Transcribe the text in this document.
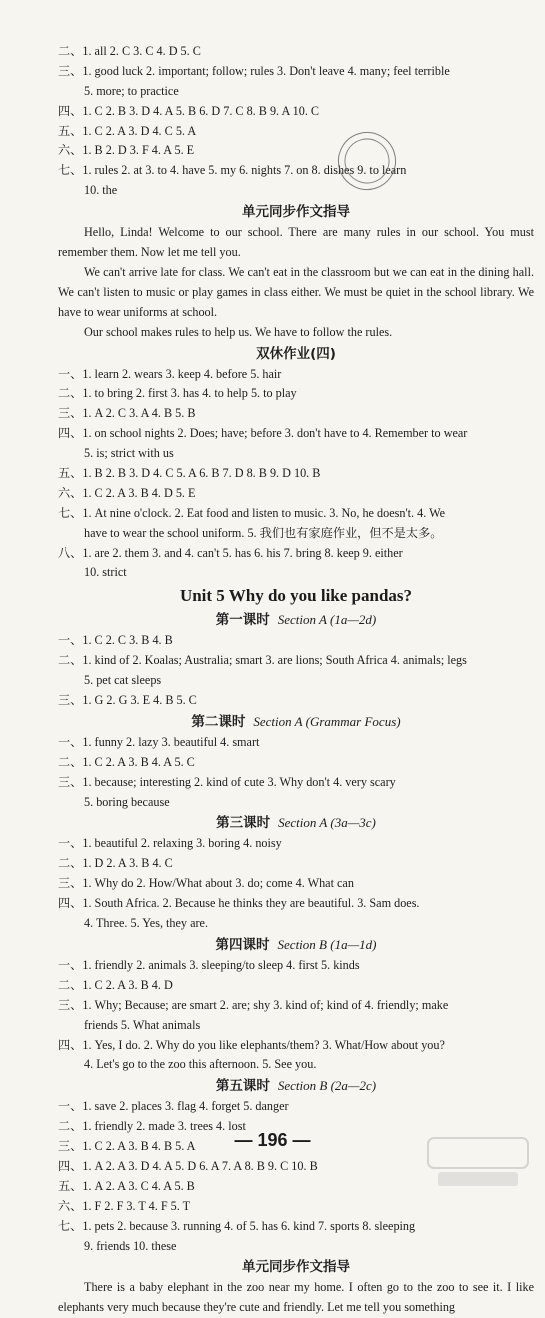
二、1. all 2. C 3. C 4. D 5. C
三、1. good luck 2. important; follow; rules 3. Don't leave 4. many; feel terrible
5. more; to practice
四、1. C 2. B 3. D 4. A 5. B 6. D 7. C 8. B 9. A 10. C
五、1. C 2. A 3. D 4. C 5. A
六、1. B 2. D 3. F 4. A 5. E
七、1. rules 2. at 3. to 4. have 5. my 6. nights 7. on 8. dishes 9. to learn
10. the
单元同步作文指导

Hello, Linda! Welcome to our school. There are many rules in our school. You must remember them. Now let me tell you.

We can't arrive late for class. We can't eat in the classroom but we can eat in the dining hall. We can't listen to music or play games in class either. We must be quiet in the school library. We have to wear uniforms at school.

Our school makes rules to help us. We have to follow the rules.

双休作业(四)
一、1. learn 2. wears 3. keep 4. before 5. hair
二、1. to bring 2. first 3. has 4. to help 5. to play
三、1. A 2. C 3. A 4. B 5. B
四、1. on school nights 2. Does; have; before 3. don't have to 4. Remember to wear
5. is; strict with us
五、1. B 2. B 3. D 4. C 5. A 6. B 7. D 8. B 9. D 10. B
六、1. C 2. A 3. B 4. D 5. E
七、1. At nine o'clock. 2. Eat food and listen to music. 3. No, he doesn't. 4. We
have to wear the school uniform. 5. 我们也有家庭作业，但不是太多。
八、1. are 2. them 3. and 4. can't 5. has 6. his 7. bring 8. keep 9. either
10. strict
Unit 5 Why do you like pandas?
第一课时 Section A (1a—2d)
一、1. C 2. C 3. B 4. B
二、1. kind of 2. Koalas; Australia; smart 3. are lions; South Africa 4. animals; legs
5. pet cat sleeps
三、1. G 2. G 3. E 4. B 5. C
第二课时 Section A (Grammar Focus)
一、1. funny 2. lazy 3. beautiful 4. smart
二、1. C 2. A 3. B 4. A 5. C
三、1. because; interesting 2. kind of cute 3. Why don't 4. very scary
5. boring because
第三课时 Section A (3a—3c)
一、1. beautiful 2. relaxing 3. boring 4. noisy
二、1. D 2. A 3. B 4. C
三、1. Why do 2. How/What about 3. do; come 4. What can
四、1. South Africa. 2. Because he thinks they are beautiful. 3. Sam does.
4. Three. 5. Yes, they are.
第四课时 Section B (1a—1d)
一、1. friendly 2. animals 3. sleeping/to sleep 4. first 5. kinds
二、1. C 2. A 3. B 4. D
三、1. Why; Because; are smart 2. are; shy 3. kind of; kind of 4. friendly; make
friends 5. What animals
四、1. Yes, I do. 2. Why do you like elephants/them? 3. What/How about you?
4. Let's go to the zoo this afternoon. 5. See you.
第五课时 Section B (2a—2c)
一、1. save 2. places 3. flag 4. forget 5. danger
二、1. friendly 2. made 3. trees 4. lost
三、1. C 2. A 3. B 4. B 5. A
四、1. A 2. A 3. D 4. A 5. D 6. A 7. A 8. B 9. C 10. B
五、1. A 2. A 3. C 4. A 5. B
六、1. F 2. F 3. T 4. F 5. T
七、1. pets 2. because 3. running 4. of 5. has 6. kind 7. sports 8. sleeping
9. friends 10. these
单元同步作文指导

There is a baby elephant in the zoo near my home. I often go to the zoo to see it. I like elephants very much because they're cute and friendly. Let me tell you something

— 196 —
